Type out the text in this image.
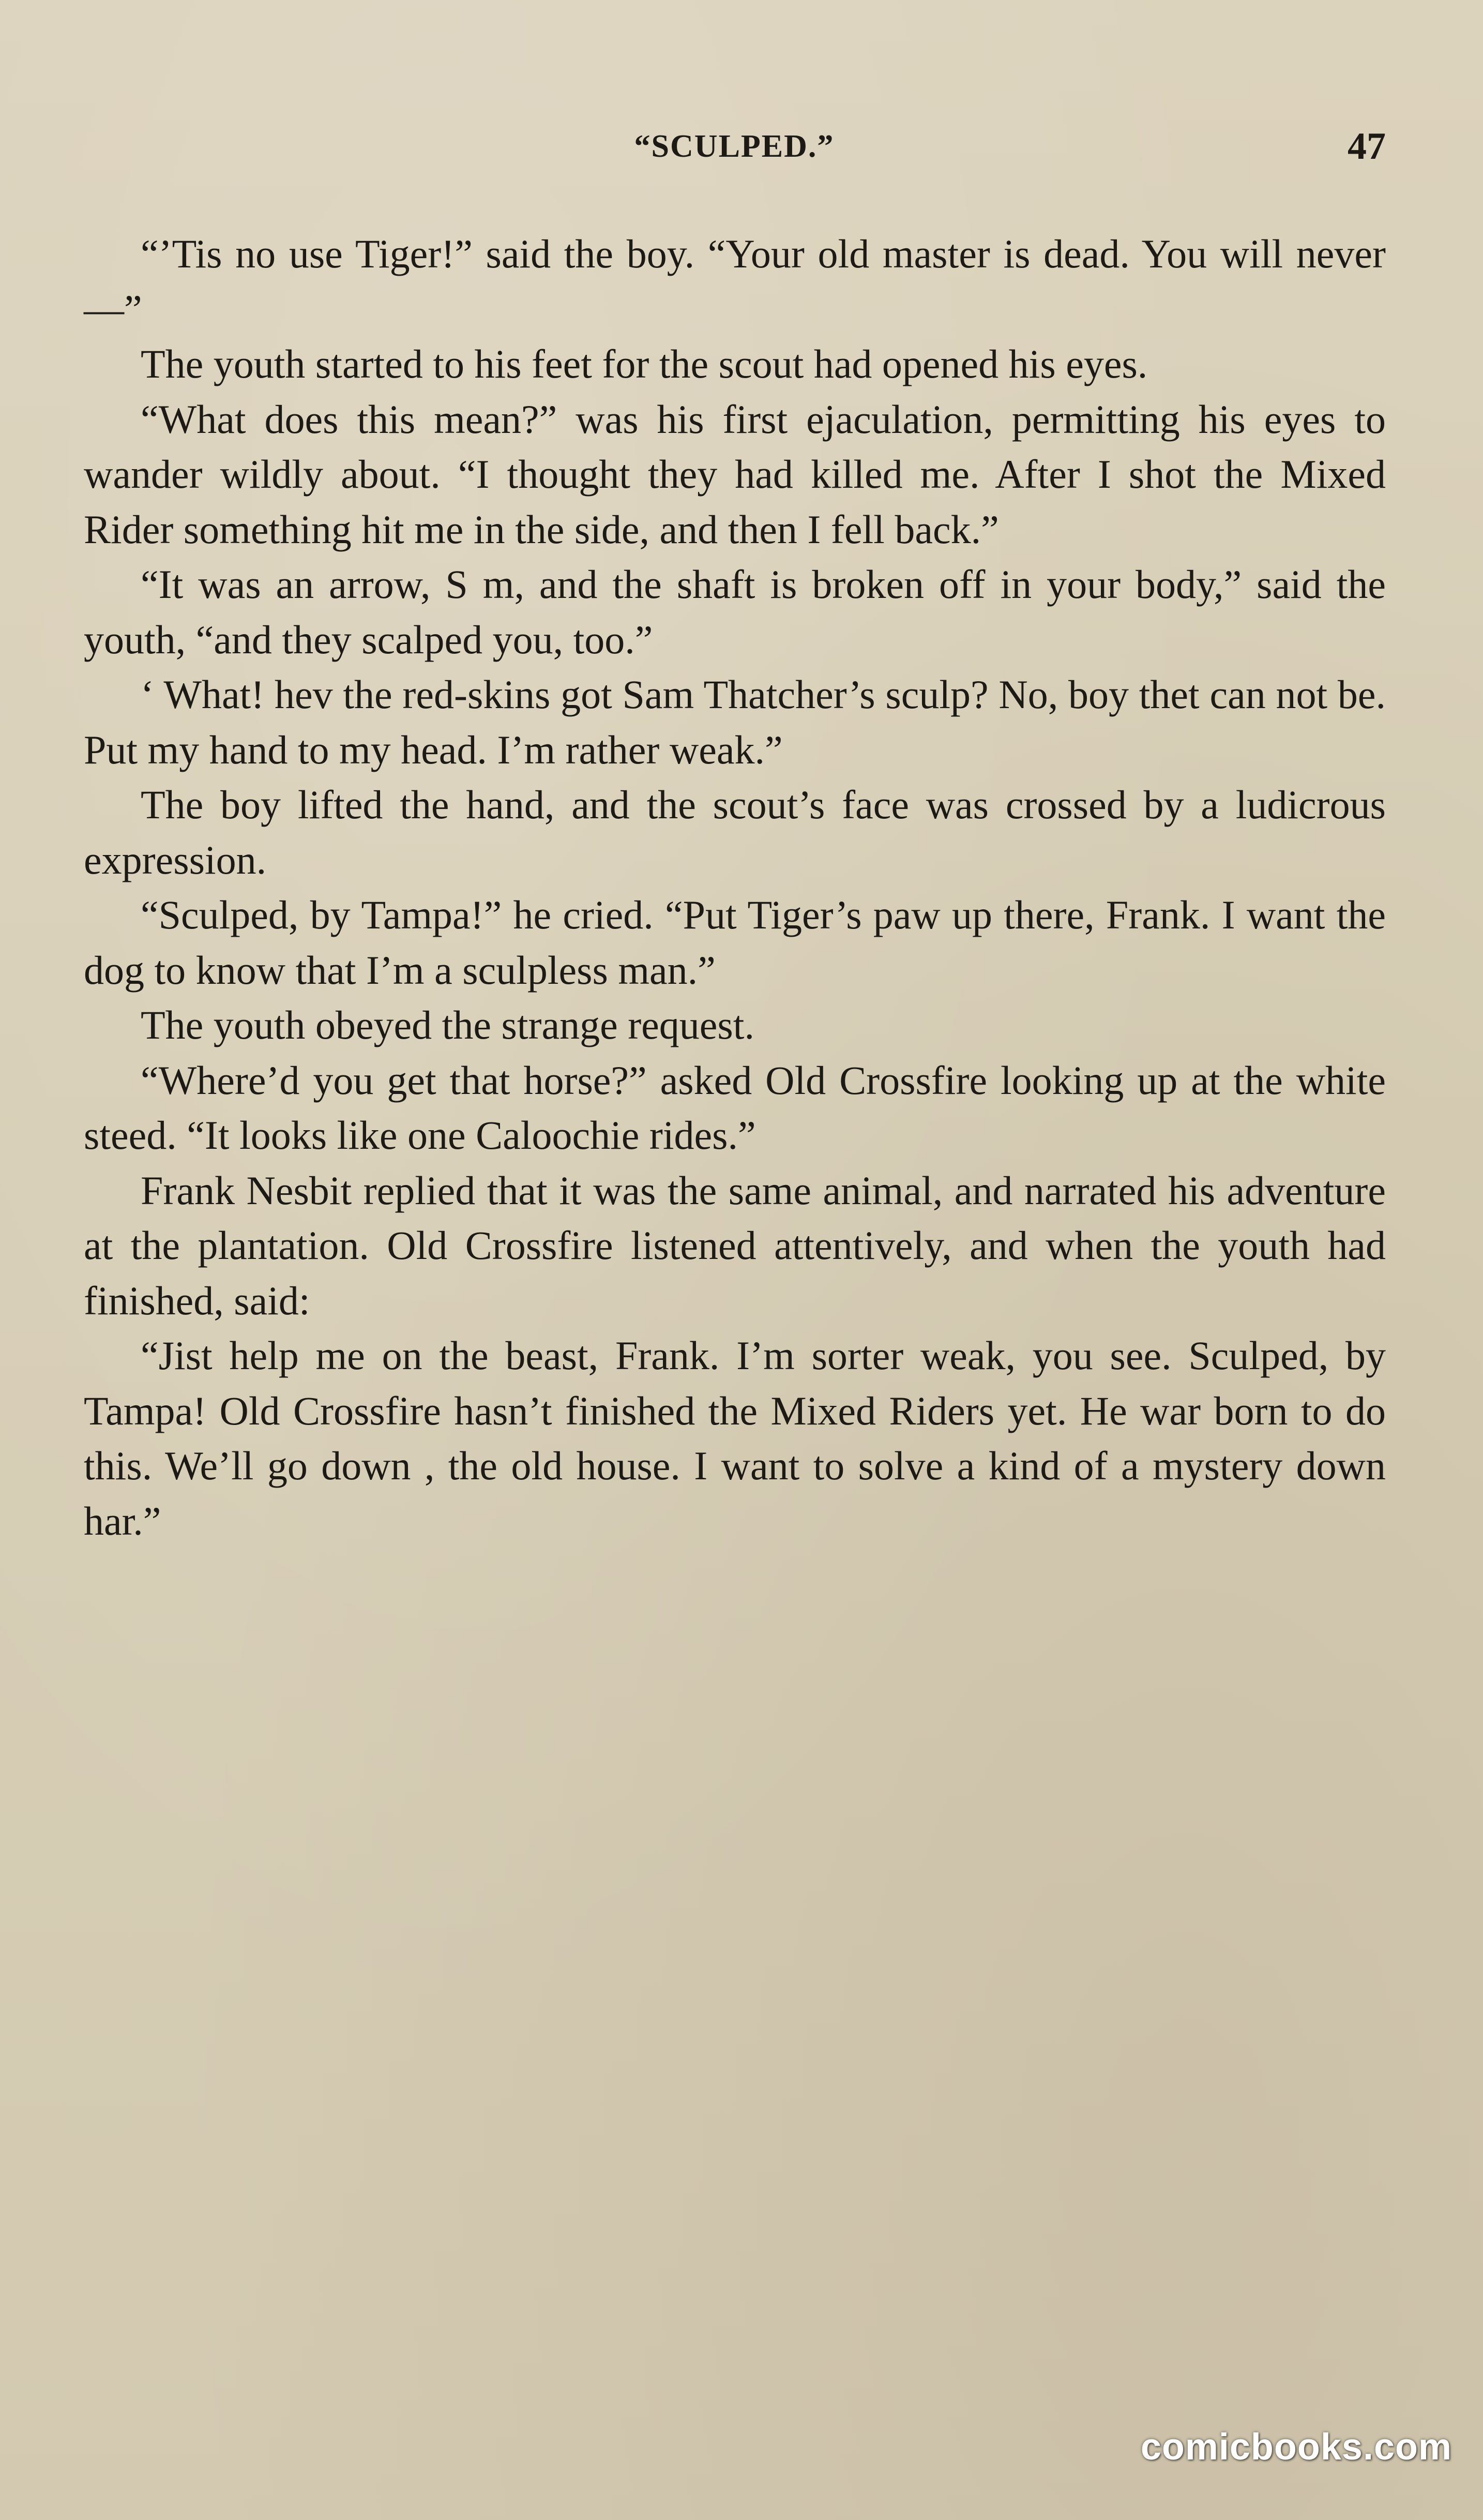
“SCULPED.”	47

“’Tis no use Tiger!” said the boy. “Your old master is dead. You will never—”

The youth started to his feet for the scout had opened his eyes.

“What does this mean?” was his first ejaculation, permitting his eyes to wander wildly about. “I thought they had killed me. After I shot the Mixed Rider something hit me in the side, and then I fell back.”

“It was an arrow, S m, and the shaft is broken off in your body,” said the youth, “and they scalped you, too.”

‘ What! hev the red-skins got Sam Thatcher’s sculp? No, boy thet can not be. Put my hand to my head. I’m rather weak.”

The boy lifted the hand, and the scout’s face was crossed by a ludicrous expression.

“Sculped, by Tampa!” he cried. “Put Tiger’s paw up there, Frank. I want the dog to know that I’m a sculpless man.”

The youth obeyed the strange request.

“Where’d you get that horse?” asked Old Crossfire looking up at the white steed. “It looks like one Caloochie rides.”

Frank Nesbit replied that it was the same animal, and narrated his adventure at the plantation. Old Crossfire listened attentively, and when the youth had finished, said:

“Jist help me on the beast, Frank. I’m sorter weak, you see. Sculped, by Tampa! Old Crossfire hasn’t finished the Mixed Riders yet. He war born to do this. We’ll go down , the old house. I want to solve a kind of a mystery down har.”

comicbooks.com
